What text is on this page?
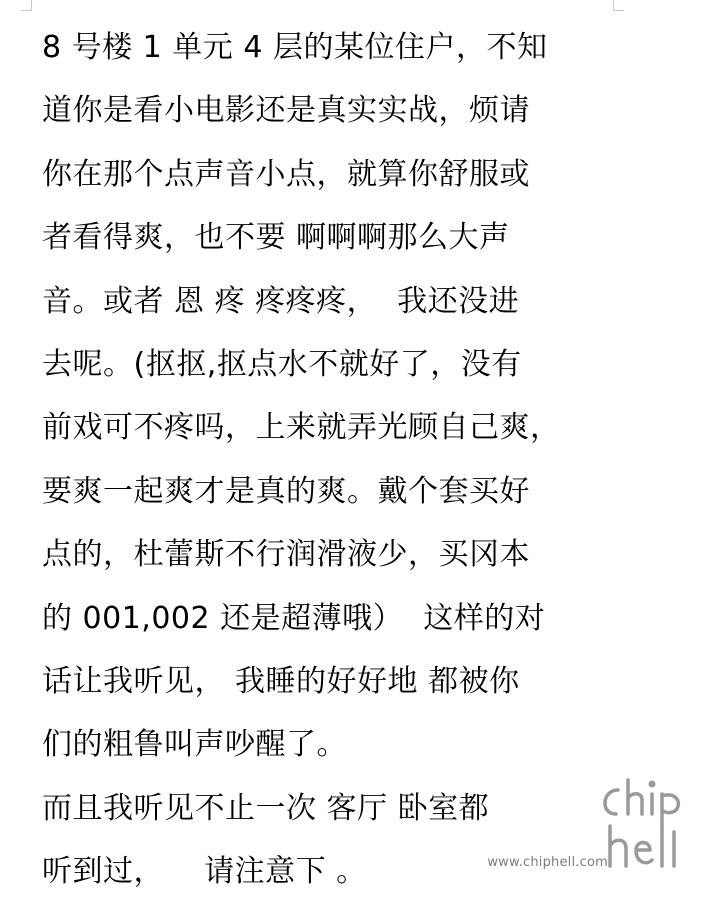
8 号楼 1 单元 4 层的某位住户，不知
道你是看小电影还是真实实战，烦请
你在那个点声音小点，就算你舒服或
者看得爽，也不要 啊啊啊那么大声
音。或者 恩 疼 疼疼疼，  我还没进
去呢。(抠抠,抠点水不就好了，没有
前戏可不疼吗，上来就弄光顾自己爽，
要爽一起爽才是真的爽。戴个套买好
点的，杜蕾斯不行润滑液少，买冈本
的 001,002 还是超薄哦）  这样的对
话让我听见， 我睡的好好地 都被你
们的粗鲁叫声吵醒了。
而且我听见不止一次 客厅 卧室都
听到过，    请注意下 。	www.chiphell.com
